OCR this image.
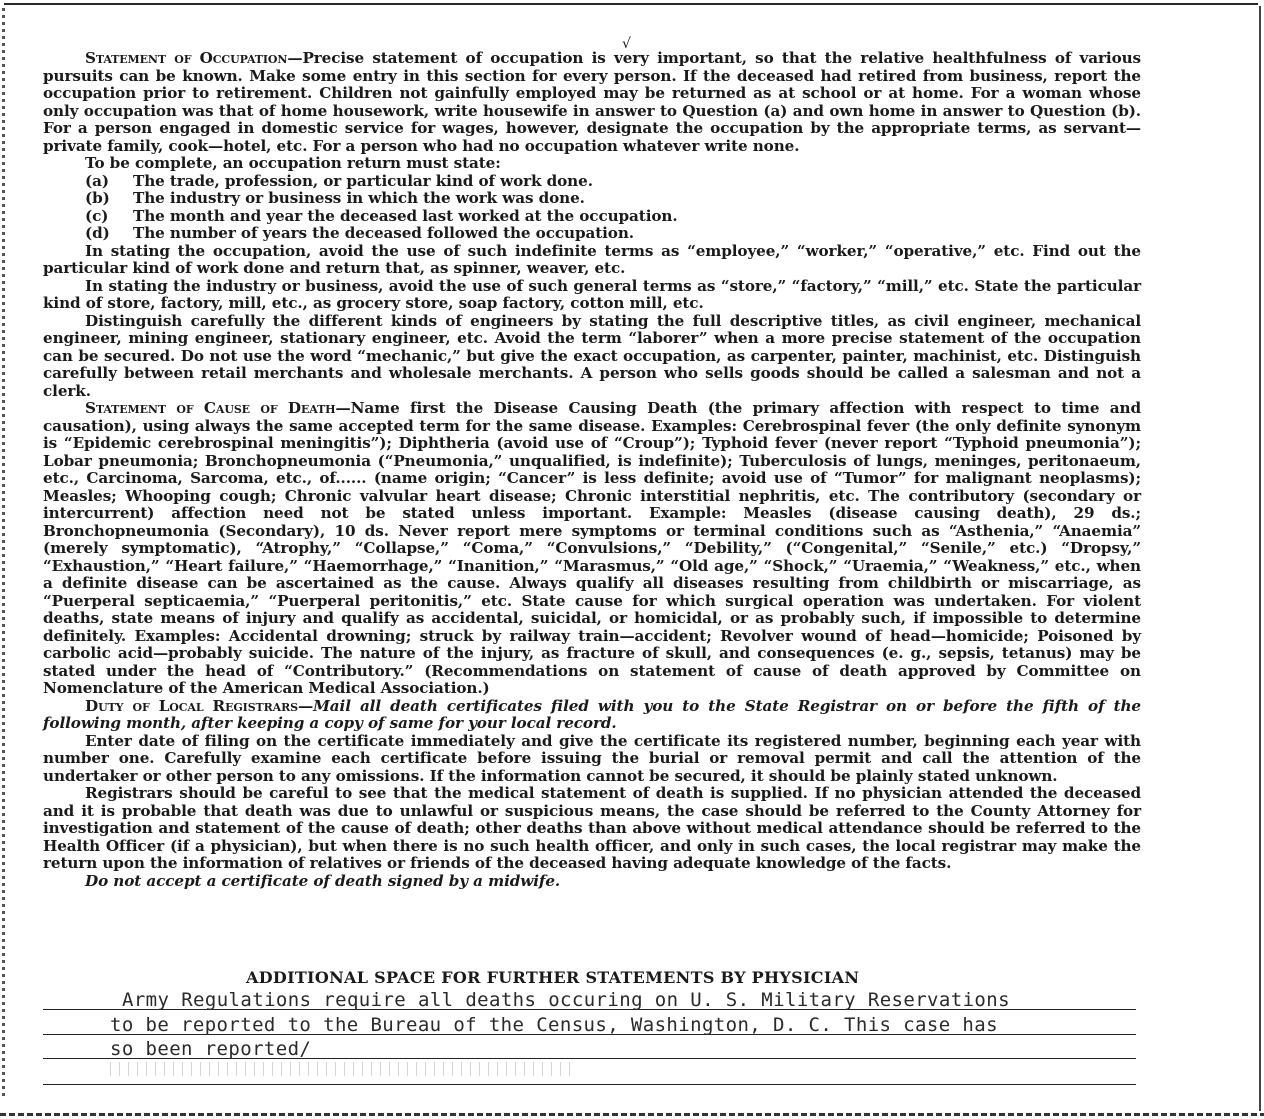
√

Statement of Occupation—Precise statement of occupation is very important, so that the relative healthfulness of various pursuits can be known. Make some entry in this section for every person. If the deceased had retired from business, report the occupation prior to retirement. Children not gainfully employed may be returned as at school or at home. For a woman whose only occupation was that of home housework, write housewife in answer to Question (a) and own home in answer to Question (b). For a person engaged in domestic service for wages, however, designate the occupation by the appropriate terms, as servant—private family, cook—hotel, etc. For a person who had no occupation whatever write none.

To be complete, an occupation return must state:

(a)	The trade, profession, or particular kind of work done.
(b)	The industry or business in which the work was done.
(c)	The month and year the deceased last worked at the occupation.
(d)	The number of years the deceased followed the occupation.

In stating the occupation, avoid the use of such indefinite terms as “employee,” “worker,” “operative,” etc. Find out the particular kind of work done and return that, as spinner, weaver, etc.

In stating the industry or business, avoid the use of such general terms as “store,” “factory,” “mill,” etc. State the particular kind of store, factory, mill, etc., as grocery store, soap factory, cotton mill, etc.

Distinguish carefully the different kinds of engineers by stating the full descriptive titles, as civil engineer, mechanical engineer, mining engineer, stationary engineer, etc. Avoid the term “laborer” when a more precise statement of the occupation can be secured. Do not use the word “mechanic,” but give the exact occupation, as carpenter, painter, machinist, etc. Distinguish carefully between retail merchants and wholesale merchants. A person who sells goods should be called a salesman and not a clerk.

Statement of Cause of Death—Name first the Disease Causing Death (the primary affection with respect to time and causation), using always the same accepted term for the same disease. Examples: Cerebrospinal fever (the only definite synonym is “Epidemic cerebrospinal meningitis”); Diphtheria (avoid use of “Croup”); Typhoid fever (never report “Typhoid pneumonia”); Lobar pneumonia; Bronchopneumonia (“Pneumonia,” unqualified, is indefinite); Tuberculosis of lungs, meninges, peritonaeum, etc., Carcinoma, Sarcoma, etc., of...... (name origin; “Cancer” is less definite; avoid use of “Tumor” for malignant neoplasms); Measles; Whooping cough; Chronic valvular heart disease; Chronic interstitial nephritis, etc. The contributory (secondary or intercurrent) affection need not be stated unless important. Example: Measles (disease causing death), 29 ds.; Bronchopneumonia (Secondary), 10 ds. Never report mere symptoms or terminal conditions such as “Asthenia,” “Anaemia” (merely symptomatic), “Atrophy,” “Collapse,” “Coma,” “Convulsions,” “Debility,” (“Congenital,” “Senile,” etc.) “Dropsy,” “Exhaustion,” “Heart failure,” “Haemorrhage,” “Inanition,” “Marasmus,” “Old age,” “Shock,” “Uraemia,” “Weakness,” etc., when a definite disease can be ascertained as the cause. Always qualify all diseases resulting from childbirth or miscarriage, as “Puerperal septicaemia,” “Puerperal peritonitis,” etc. State cause for which surgical operation was undertaken. For violent deaths, state means of injury and qualify as accidental, suicidal, or homicidal, or as probably such, if impossible to determine definitely. Examples: Accidental drowning; struck by railway train—accident; Revolver wound of head—homicide; Poisoned by carbolic acid—probably suicide. The nature of the injury, as fracture of skull, and consequences (e. g., sepsis, tetanus) may be stated under the head of “Contributory.” (Recommendations on statement of cause of death approved by Committee on Nomenclature of the American Medical Association.)

Duty of Local Registrars—Mail all death certificates filed with you to the State Registrar on or before the fifth of the following month, after keeping a copy of same for your local record.

Enter date of filing on the certificate immediately and give the certificate its registered number, beginning each year with number one. Carefully examine each certificate before issuing the burial or removal permit and call the attention of the undertaker or other person to any omissions. If the information cannot be secured, it should be plainly stated unknown.

Registrars should be careful to see that the medical statement of death is supplied. If no physician attended the deceased and it is probable that death was due to unlawful or suspicious means, the case should be referred to the County Attorney for investigation and statement of the cause of death; other deaths than above without medical attendance should be referred to the Health Officer (if a physician), but when there is no such health officer, and only in such cases, the local registrar may make the return upon the information of relatives or friends of the deceased having adequate knowledge of the facts.

Do not accept a certificate of death signed by a midwife.

ADDITIONAL SPACE FOR FURTHER STATEMENTS BY PHYSICIAN
Army Regulations require all deaths occuring on U. S. Military Reservations
to be reported to the Bureau of the Census, Washington, D. C. This case has
so been reported/
